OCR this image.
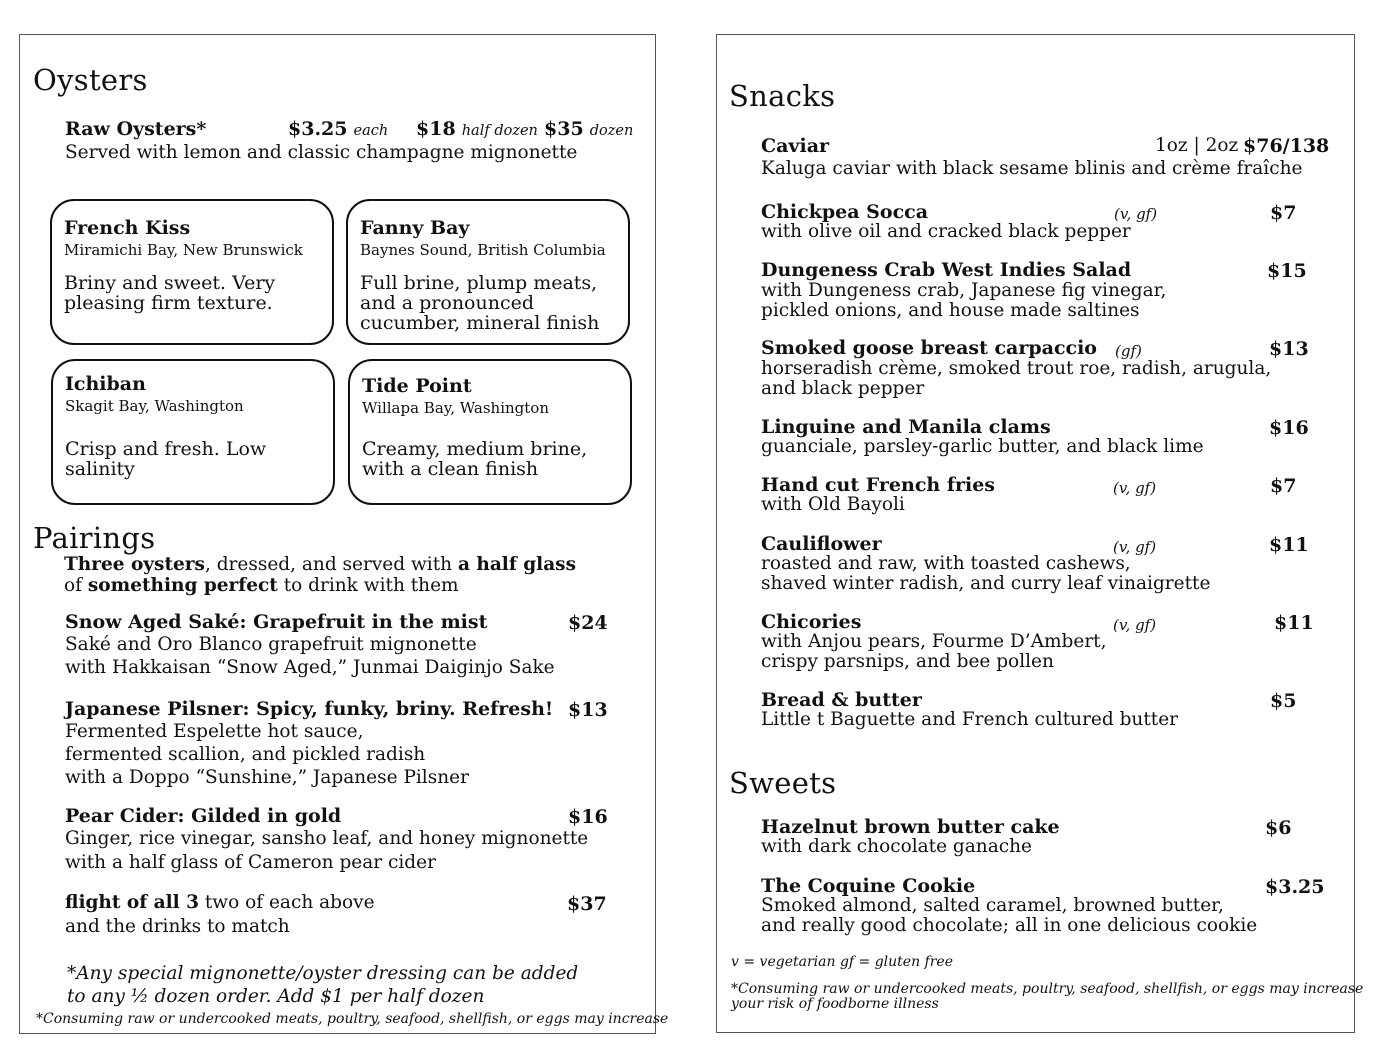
Oysters
Raw Oysters*	$3.25 each $18 half dozen $35 dozen
Served with lemon and classic champagne mignonette
French Kiss
Miramichi Bay, New Brunswick
Briny and sweet. Very pleasing firm texture.
Fanny Bay
Baynes Sound, British Columbia
Full brine, plump meats, and a pronounced cucumber, mineral finish
Ichiban
Skagit Bay, Washington
Crisp and fresh. Low salinity
Tide Point
Willapa Bay, Washington
Creamy, medium brine, with a clean finish
Pairings
Three oysters, dressed, and served with a half glass
of something perfect to drink with them
Snow Aged Saké: Grapefruit in the mist	$24
Saké and Oro Blanco grapefruit mignonette
with Hakkaisan “Snow Aged,” Junmai Daiginjo Sake
Japanese Pilsner: Spicy, funky, briny. Refresh! $13
Fermented Espelette hot sauce,
fermented scallion, and pickled radish
with a Doppo “Sunshine,” Japanese Pilsner
Pear Cider: Gilded in gold	$16
Ginger, rice vinegar, sansho leaf, and honey mignonette
with a half glass of Cameron pear cider
flight of all 3 two of each above	$37
and the drinks to match
*Any special mignonette/oyster dressing can be added
to any ½ dozen order. Add $1 per half dozen
*Consuming raw or undercooked meats, poultry, seafood, shellfish, or eggs may increase
Snacks
Caviar	1oz | 2oz $76/138
Kaluga caviar with black sesame blinis and crème fraîche
Chickpea Socca	(v, gf)	$7
with olive oil and cracked black pepper
Dungeness Crab West Indies Salad	$15
with Dungeness crab, Japanese fig vinegar,
pickled onions, and house made saltines
Smoked goose breast carpaccio (gf)	$13
horseradish crème, smoked trout roe, radish, arugula,
and black pepper
Linguine and Manila clams	$16
guanciale, parsley-garlic butter, and black lime
Hand cut French fries	(v, gf)	$7
with Old Bayoli
Cauliflower	(v, gf)	$11
roasted and raw, with toasted cashews,
shaved winter radish, and curry leaf vinaigrette
Chicories	(v, gf)	$11
with Anjou pears, Fourme D’Ambert,
crispy parsnips, and bee pollen
Bread & butter	$5
Little t Baguette and French cultured butter
Sweets
Hazelnut brown butter cake	$6
with dark chocolate ganache
The Coquine Cookie	$3.25
Smoked almond, salted caramel, browned butter,
and really good chocolate; all in one delicious cookie
v = vegetarian gf = gluten free
*Consuming raw or undercooked meats, poultry, seafood, shellfish, or eggs may increase
your risk of foodborne illness
